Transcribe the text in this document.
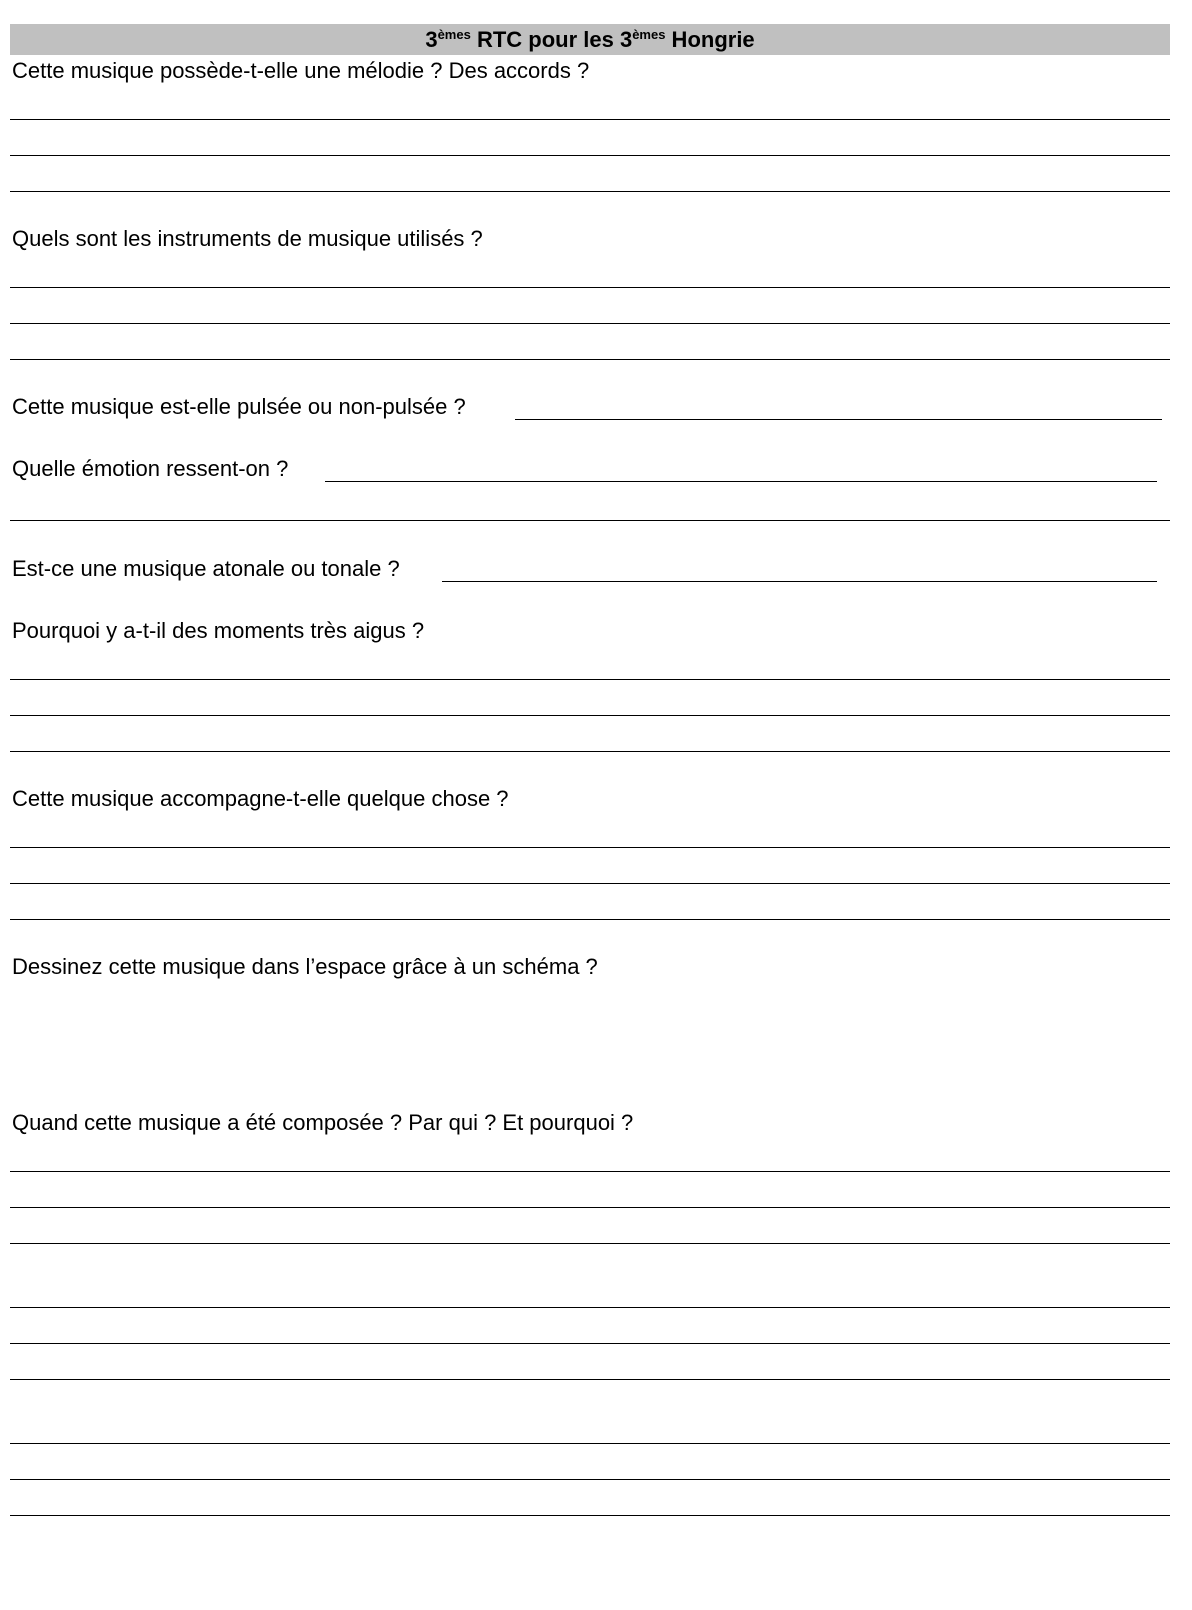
3èmes RTC pour les 3èmes Hongrie
Cette musique possède-t-elle une mélodie ? Des accords ?
Quels sont les instruments de musique utilisés ?
Cette musique est-elle pulsée ou non-pulsée ?
Quelle émotion ressent-on ?
Est-ce une musique atonale ou tonale ?
Pourquoi y a-t-il des moments très aigus ?
Cette musique accompagne-t-elle quelque chose ?
Dessinez cette musique dans l’espace grâce à un schéma ?
Quand cette musique a été composée ? Par qui ? Et pourquoi ?
